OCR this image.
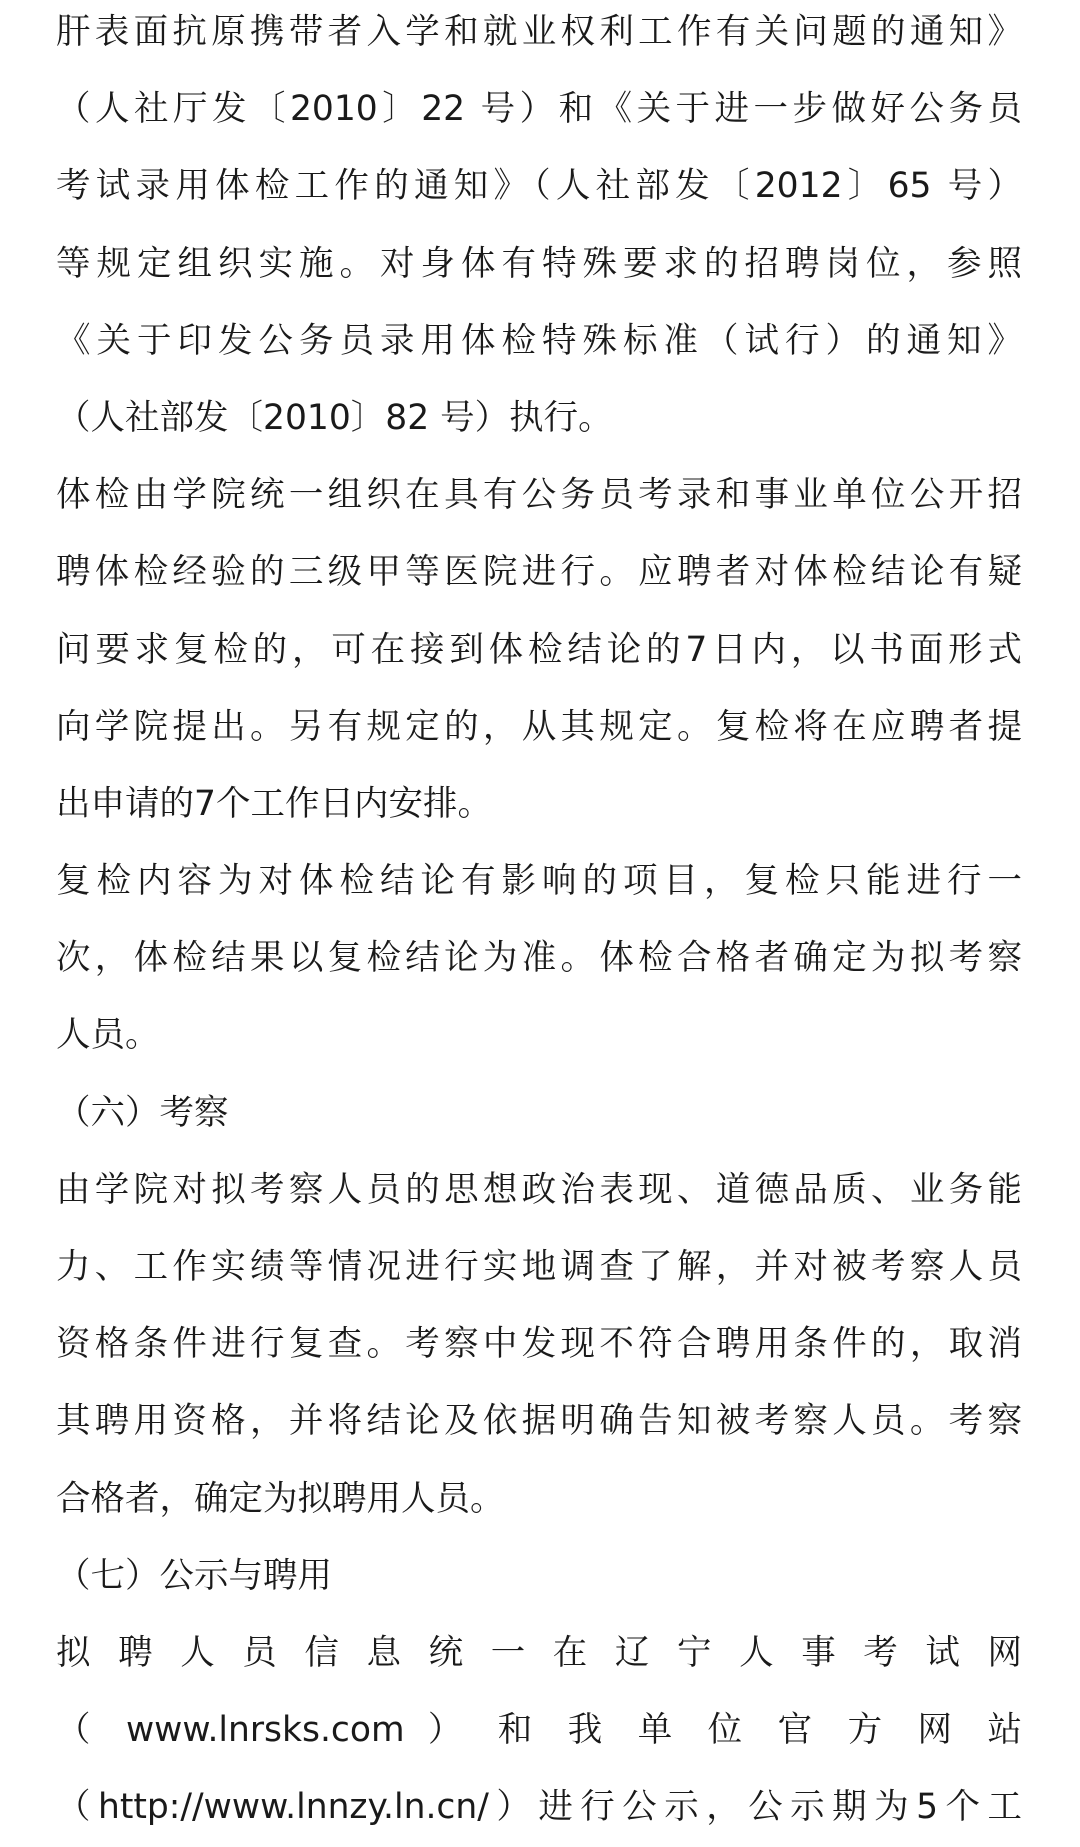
肝表面抗原携带者入学和就业权利工作有关问题的通知》
（人社厅发〔2010〕22 号）和《关于进一步做好公务员
考试录用体检工作的通知》（人社部发〔2012〕65 号）
等规定组织实施。对身体有特殊要求的招聘岗位，参照
《关于印发公务员录用体检特殊标准（试行）的通知》
（人社部发〔2010〕82 号）执行。
体检由学院统一组织在具有公务员考录和事业单位公开招
聘体检经验的三级甲等医院进行。应聘者对体检结论有疑
问要求复检的，可在接到体检结论的7日内，以书面形式
向学院提出。另有规定的，从其规定。复检将在应聘者提
出申请的7个工作日内安排。
复检内容为对体检结论有影响的项目，复检只能进行一
次，体检结果以复检结论为准。体检合格者确定为拟考察
人员。
（六）考察
由学院对拟考察人员的思想政治表现、道德品质、业务能
力、工作实绩等情况进行实地调查了解，并对被考察人员
资格条件进行复查。考察中发现不符合聘用条件的，取消
其聘用资格，并将结论及依据明确告知被考察人员。考察
合格者，确定为拟聘用人员。
（七）公示与聘用
拟 聘 人 员 信 息 统 一 在 辽 宁 人 事 考 试 网
（ www.lnrsks.com ） 和 我 单 位 官 方 网 站
（http://www.lnnzy.ln.cn/）进行公示，公示期为5个工
